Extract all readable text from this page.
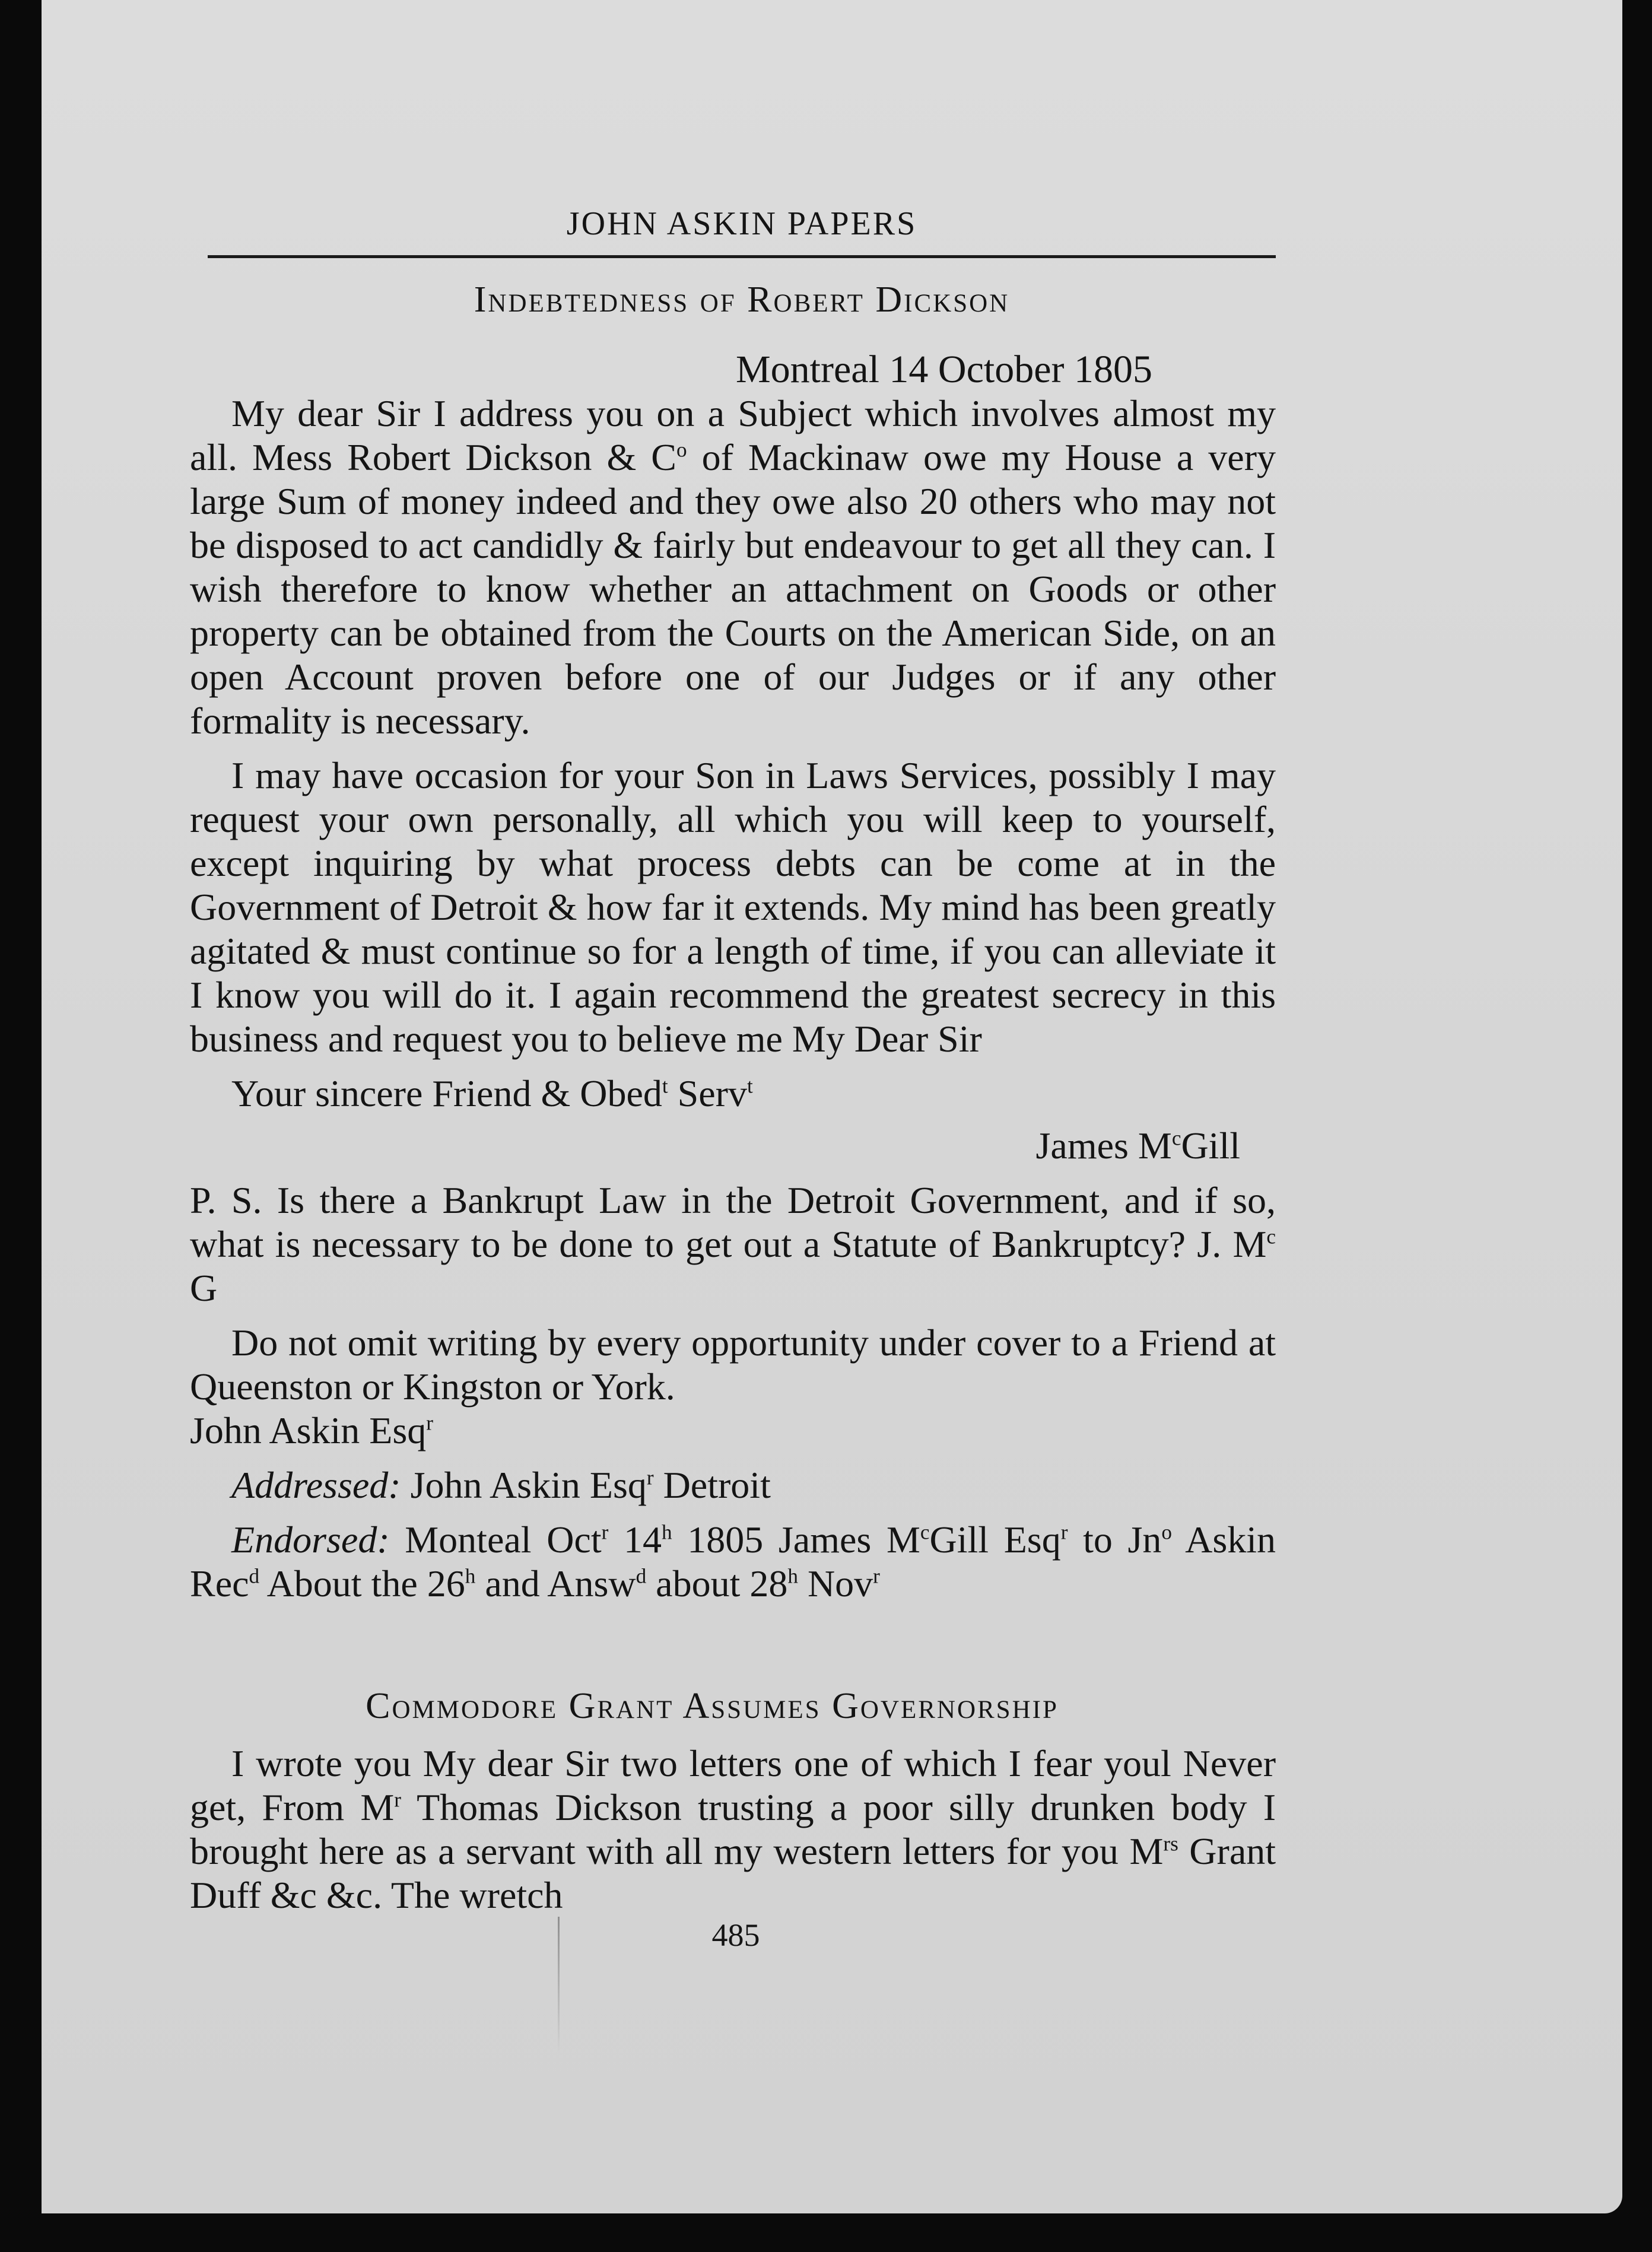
JOHN ASKIN PAPERS
Indebtedness of Robert Dickson
Montreal 14 October 1805

My dear Sir I address you on a Subject which involves almost my all. Mess Robert Dickson & $C^o$ of Mackinaw owe my House a very large Sum of money indeed and they owe also 20 others who may not be disposed to act candidly & fairly but endeavour to get all they can. I wish therefore to know whether an attachment on Goods or other property can be obtained from the Courts on the American Side, on an open Account proven before one of our Judges or if any other formality is necessary.

I may have occasion for your Son in Laws Services, possibly I may request your own personally, all which you will keep to yourself, except inquiring by what process debts can be come at in the Government of Detroit & how far it extends. My mind has been greatly agitated & must continue so for a length of time, if you can alleviate it I know you will do it. I again recommend the greatest secrecy in this business and request you to believe me My Dear Sir

Your sincere Friend & Obed$^t$ Serv$^t$

James $M^cGill$

P. S. Is there a Bankrupt Law in the Detroit Government, and if so, what is necessary to be done to get out a Statute of Bankruptcy? J. $M^c$ G

Do not omit writing by every opportunity under cover to a Friend at Queenston or Kingston or York.

John Askin Esq$^r$

Addressed: John Askin Esq$^r$ Detroit

Endorsed: Monteal Oct$^r$ 14$^h$ 1805 James $M^cGill$ Esq$^r$ to Jn$^o$ Askin Rec$^d$ About the 26$^h$ and Answ$^d$ about 28$^h$ Nov$^r$

Commodore Grant Assumes Governorship

I wrote you My dear Sir two letters one of which I fear youl Never get, From $M^r$ Thomas Dickson trusting a poor silly drunken body I brought here as a servant with all my western letters for you $M^{rs}$ Grant Duff &c &c. The wretch

485
